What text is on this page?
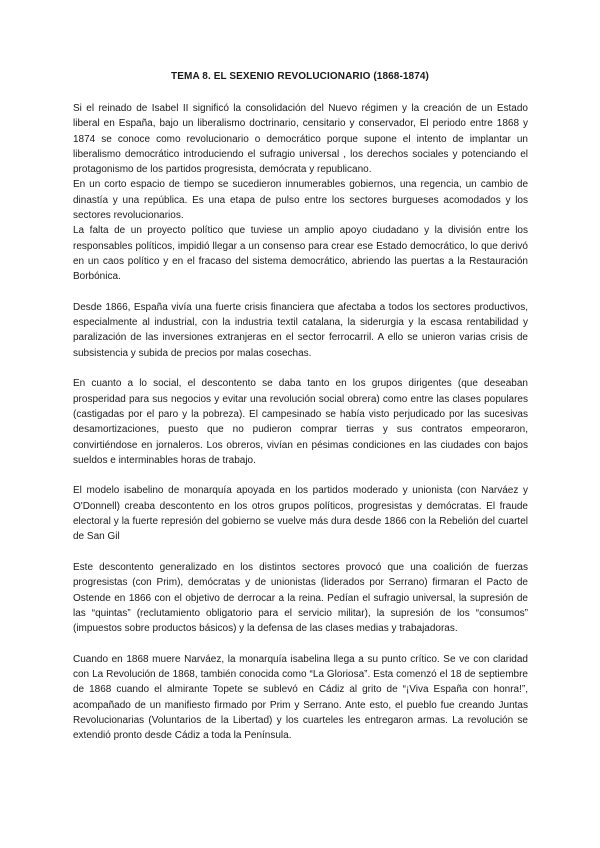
TEMA 8. EL SEXENIO REVOLUCIONARIO (1868-1874)

Si el reinado de Isabel II significó la consolidación del Nuevo régimen y la creación de un Estado liberal en España, bajo un liberalismo doctrinario, censitario y conservador, El periodo entre 1868 y 1874 se conoce como revolucionario o democrático porque supone el intento de implantar un liberalismo democrático introduciendo el sufragio universal , los derechos sociales y potenciando el protagonismo de los partidos progresista, demócrata y republicano.

En un corto espacio de tiempo se sucedieron innumerables gobiernos, una regencia, un cambio de dinastía y una república. Es una etapa de pulso entre los sectores burgueses acomodados y los sectores revolucionarios.

La falta de un proyecto político que tuviese un amplio apoyo ciudadano y la división entre los responsables políticos, impidió llegar a un consenso para crear ese Estado democrático, lo que derivó en un caos político y en el fracaso del sistema democrático, abriendo las puertas a la Restauración Borbónica.

Desde 1866, España vivía una fuerte crisis financiera que afectaba a todos los sectores productivos, especialmente al industrial, con la industria textil catalana, la siderurgia y la escasa rentabilidad y paralización de las inversiones extranjeras en el sector ferrocarril. A ello se unieron varias crisis de subsistencia y subida de precios por malas cosechas.

En cuanto a lo social, el descontento se daba tanto en los grupos dirigentes (que deseaban prosperidad para sus negocios y evitar una revolución social obrera) como entre las clases populares (castigadas por el paro y la pobreza). El campesinado se había visto perjudicado por las sucesivas desamortizaciones, puesto que no pudieron comprar tierras y sus contratos empeoraron, convirtiéndose en jornaleros. Los obreros, vivían en pésimas condiciones en las ciudades con bajos sueldos e interminables horas de trabajo.

El modelo isabelino de monarquía apoyada en los partidos moderado y unionista (con Narváez y O'Donnell) creaba descontento en los otros grupos políticos, progresistas y demócratas. El fraude electoral y la fuerte represión del gobierno se vuelve más dura desde 1866 con la Rebelión del cuartel de San Gil

Este descontento generalizado en los distintos sectores provocó que una coalición de fuerzas progresistas (con Prim), demócratas y de unionistas (liderados por Serrano) firmaran el Pacto de Ostende en 1866 con el objetivo de derrocar a la reina. Pedían el sufragio universal, la supresión de las “quintas” (reclutamiento obligatorio para el servicio militar), la supresión de los “consumos” (impuestos sobre productos básicos) y la defensa de las clases medias y trabajadoras.

Cuando en 1868 muere Narváez, la monarquía isabelina llega a su punto crítico. Se ve con claridad con La Revolución de 1868, también conocida como “La Gloriosa”. Esta comenzó el 18 de septiembre de 1868 cuando el almirante Topete se sublevó en Cádiz al grito de “¡Viva España con honra!”, acompañado de un manifiesto firmado por Prim y Serrano. Ante esto, el pueblo fue creando Juntas Revolucionarias (Voluntarios de la Libertad) y los cuarteles les entregaron armas. La revolución se extendió pronto desde Cádiz a toda la Península.
